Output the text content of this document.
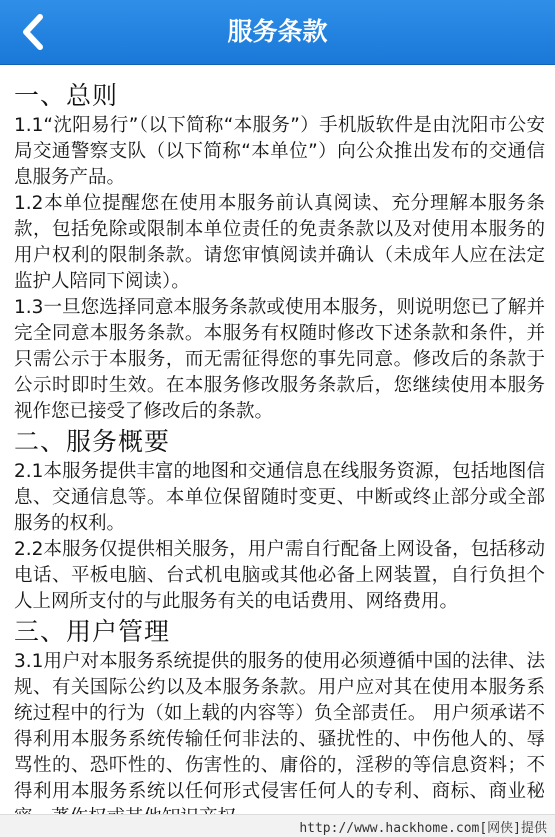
服务条款
一、总则

1.1“沈阳易行”（以下简称“本服务”）手机版软件是由沈阳市公安局交通警察支队（以下简称“本单位”）向公众推出发布的交通信息服务产品。

1.2本单位提醒您在使用本服务前认真阅读、充分理解本服务条款，包括免除或限制本单位责任的免责条款以及对使用本服务的用户权利的限制条款。请您审慎阅读并确认（未成年人应在法定监护人陪同下阅读）。

1.3一旦您选择同意本服务条款或使用本服务，则说明您已了解并完全同意本服务条款。本服务有权随时修改下述条款和条件，并只需公示于本服务，而无需征得您的事先同意。修改后的条款于公示时即时生效。在本服务修改服务条款后，您继续使用本服务视作您已接受了修改后的条款。

二、服务概要

2.1本服务提供丰富的地图和交通信息在线服务资源，包括地图信息、交通信息等。本单位保留随时变更、中断或终止部分或全部服务的权利。

2.2本服务仅提供相关服务，用户需自行配备上网设备，包括移动电话、平板电脑、台式机电脑或其他必备上网装置，自行负担个人上网所支付的与此服务有关的电话费用、网络费用。

三、用户管理

3.1用户对本服务系统提供的服务的使用必须遵循中国的法律、法规、有关国际公约以及本服务条款。用户应对其在使用本服务系统过程中的行为（如上载的内容等）负全部责任。 用户须承诺不得利用本服务系统传输任何非法的、骚扰性的、中伤他人的、辱骂性的、恐吓性的、伤害性的、庸俗的，淫秽的等信息资料；不得利用本服务系统以任何形式侵害任何人的专利、商标、商业秘

http://www.hackhome.com[网侠]提供
